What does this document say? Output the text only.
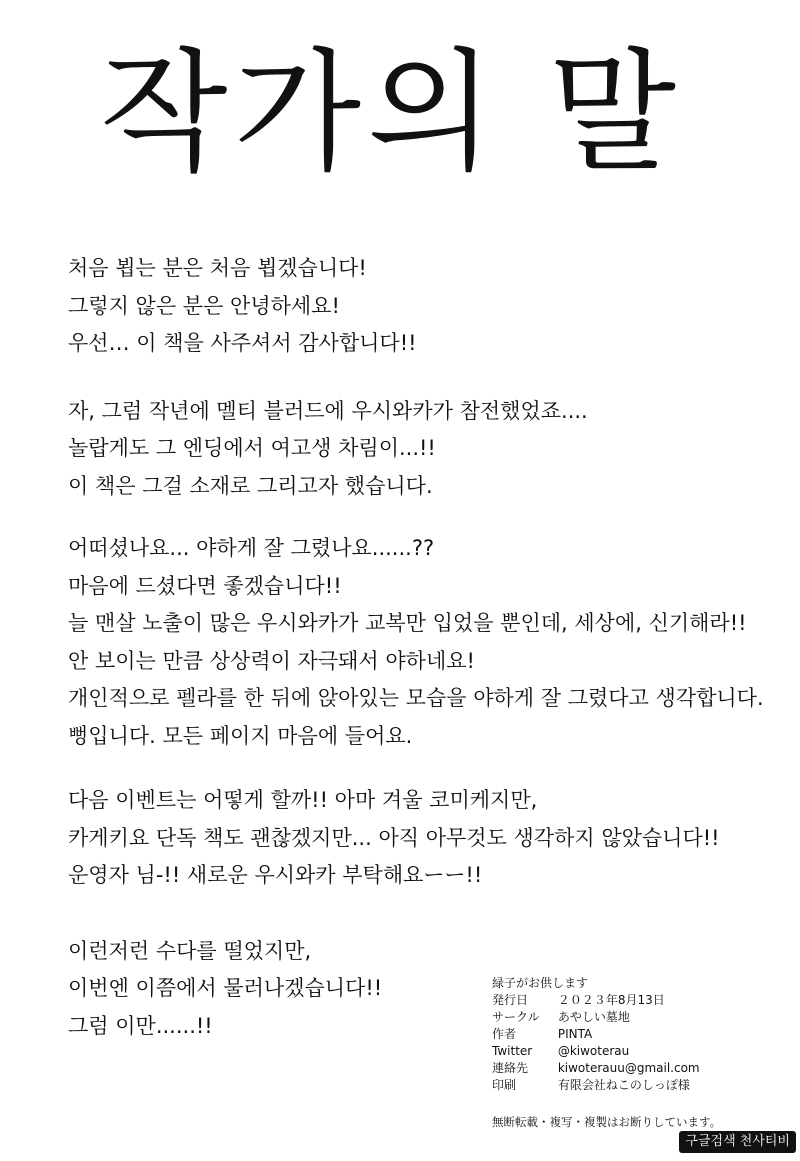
작가의 말
처음 뵙는 분은 처음 뵙겠습니다!
그렇지 않은 분은 안녕하세요!
우선… 이 책을 사주셔서 감사합니다!!
자, 그럼 작년에 멜티 블러드에 우시와카가 참전했었죠....
놀랍게도 그 엔딩에서 여고생 차림이...!!
이 책은 그걸 소재로 그리고자 했습니다.
어떠셨나요... 야하게 잘 그렸나요......??
마음에 드셨다면 좋겠습니다!!
늘 맨살 노출이 많은 우시와카가 교복만 입었을 뿐인데, 세상에, 신기해라!!
안 보이는 만큼 상상력이 자극돼서 야하네요!
개인적으로 펠라를 한 뒤에 앉아있는 모습을 야하게 잘 그렸다고 생각합니다.
뻥입니다. 모든 페이지 마음에 들어요.
다음 이벤트는 어떻게 할까!! 아마 겨울 코미케지만,
카게키요 단독 책도 괜찮겠지만... 아직 아무것도 생각하지 않았습니다!!
운영자 님-!! 새로운 우시와카 부탁해요ーー!!
이런저런 수다를 떨었지만,
이번엔 이쯤에서 물러나겠습니다!!
그럼 이만......!!
緑子がお供します
発行日 ２０２３年8月13日
サークル あやしい墓地
作者	PINTA
Twitter @kiwoterau
連絡先 kiwoterauu@gmail.com
印刷	有限会社ねこのしっぽ様
無断転載・複写・複製はお断りしています。
구글검색 천사티비
